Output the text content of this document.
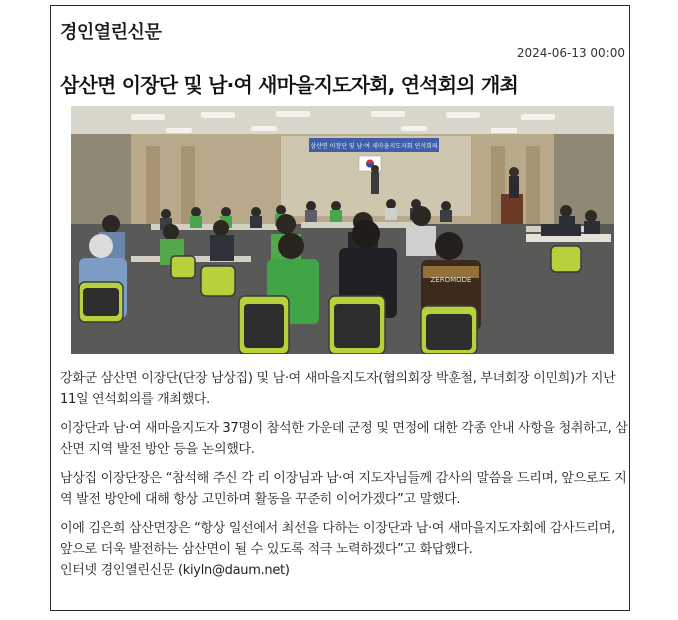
경인열린신문
2024-06-13 00:00
삼산면 이장단 및 남·여 새마을지도자회, 연석회의 개최
삼산면 이장단 및 남·여 새마을지도자회 연석회의
ZEROMODE

강화군 삼산면 이장단(단장 남상집) 및 남·여 새마을지도자(협의회장 박훈철, 부녀회장 이민희)가 지난 11일 연석회의를 개최했다.

이장단과 남·여 새마을지도자 37명이 참석한 가운데 군정 및 면정에 대한 각종 안내 사항을 청취하고, 삼산면 지역 발전 방안 등을 논의했다.

남상집 이장단장은 “참석해 주신 각 리 이장님과 남·여 지도자님들께 감사의 말씀을 드리며, 앞으로도 지역 발전 방안에 대해 항상 고민하며 활동을 꾸준히 이어가겠다”고 말했다.

이에 김은희 삼산면장은 “항상 일선에서 최선을 다하는 이장단과 남·여 새마을지도자회에 감사드리며, 앞으로 더욱 발전하는 삼산면이 될 수 있도록 적극 노력하겠다”고 화답했다.

인터넷 경인열린신문 (kiyln@daum.net)
